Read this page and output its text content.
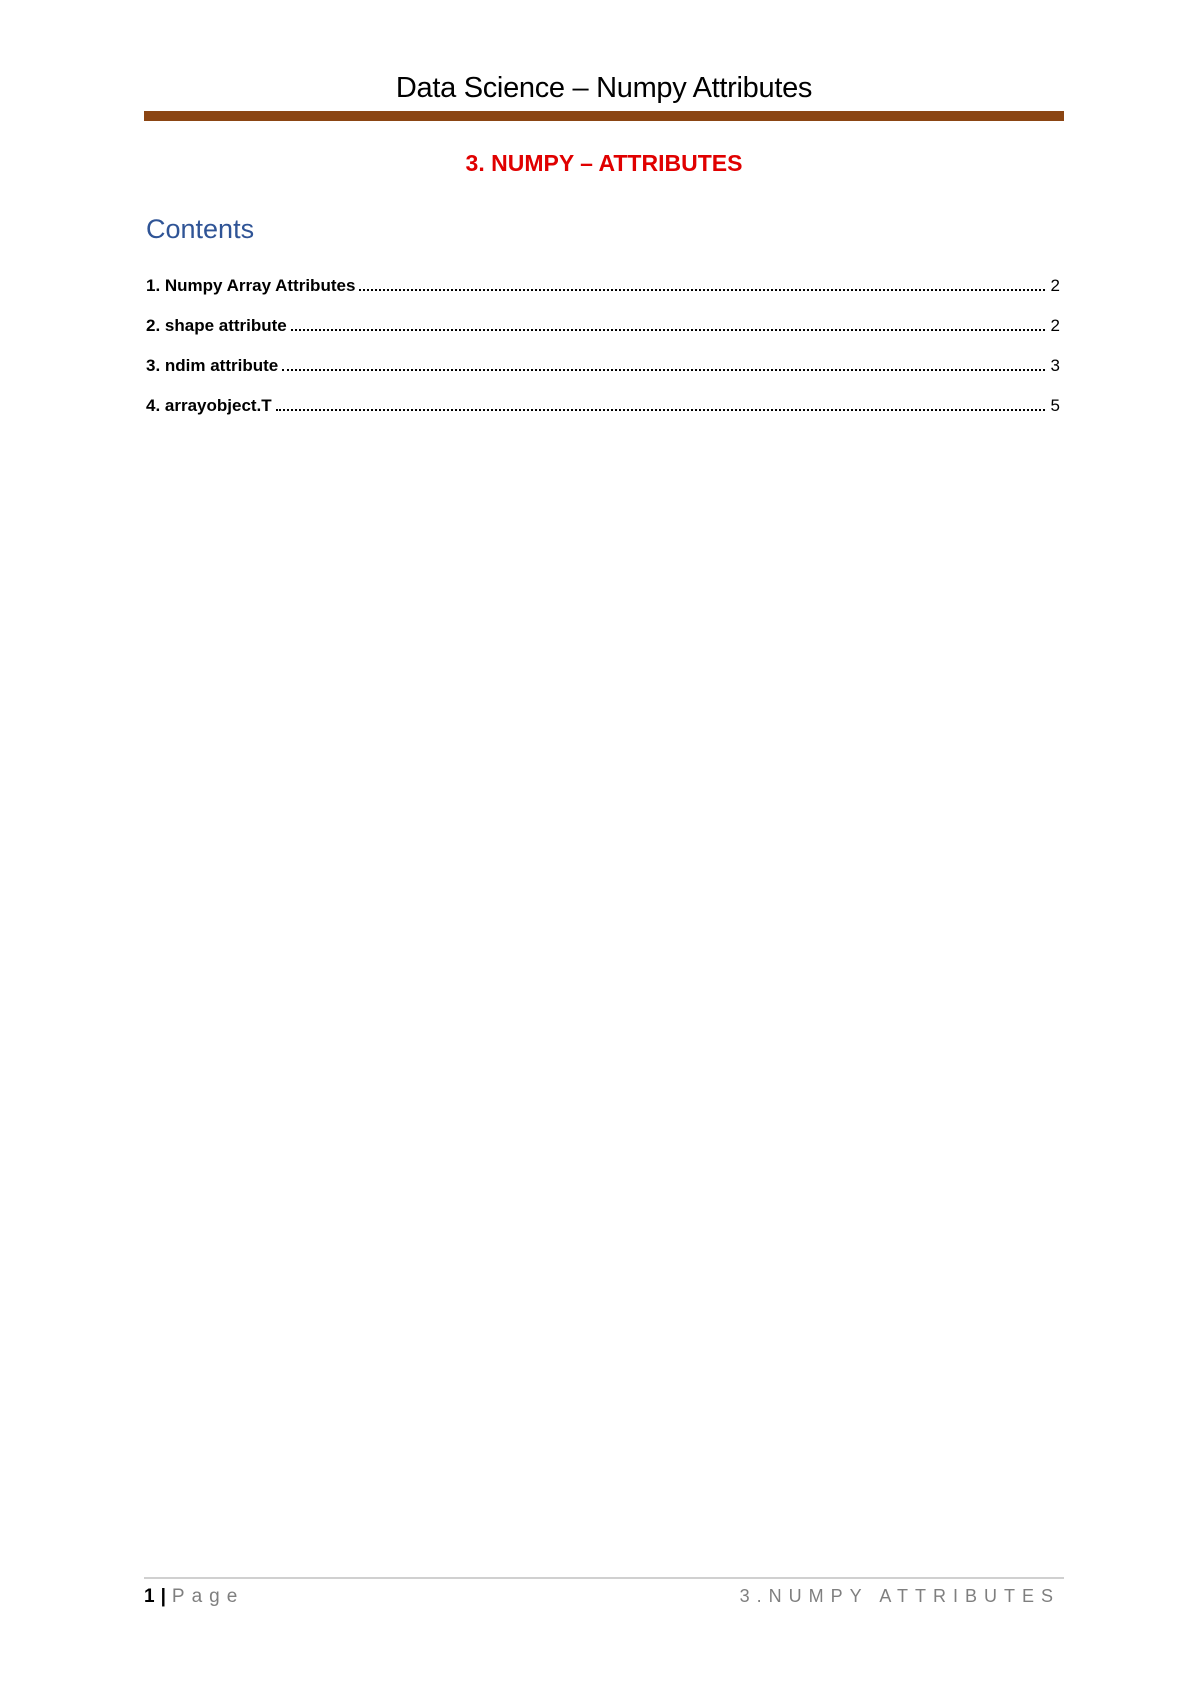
Data Science – Numpy Attributes
3. NUMPY – ATTRIBUTES
Contents
1. Numpy Array Attributes	2
2. shape attribute	2
3. ndim attribute	3
4. arrayobject.T	5
1 | Page	3.NUMPY ATTRIBUTES
